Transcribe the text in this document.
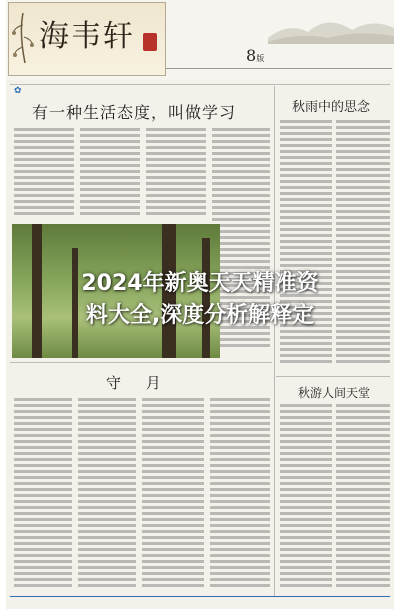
海韦轩
8版
✿
有一种生活态度，叫做学习	秋雨中的思念
守 月
秋游人间天堂
2024年新奥天天精准资
料大全,深度分析解释定
